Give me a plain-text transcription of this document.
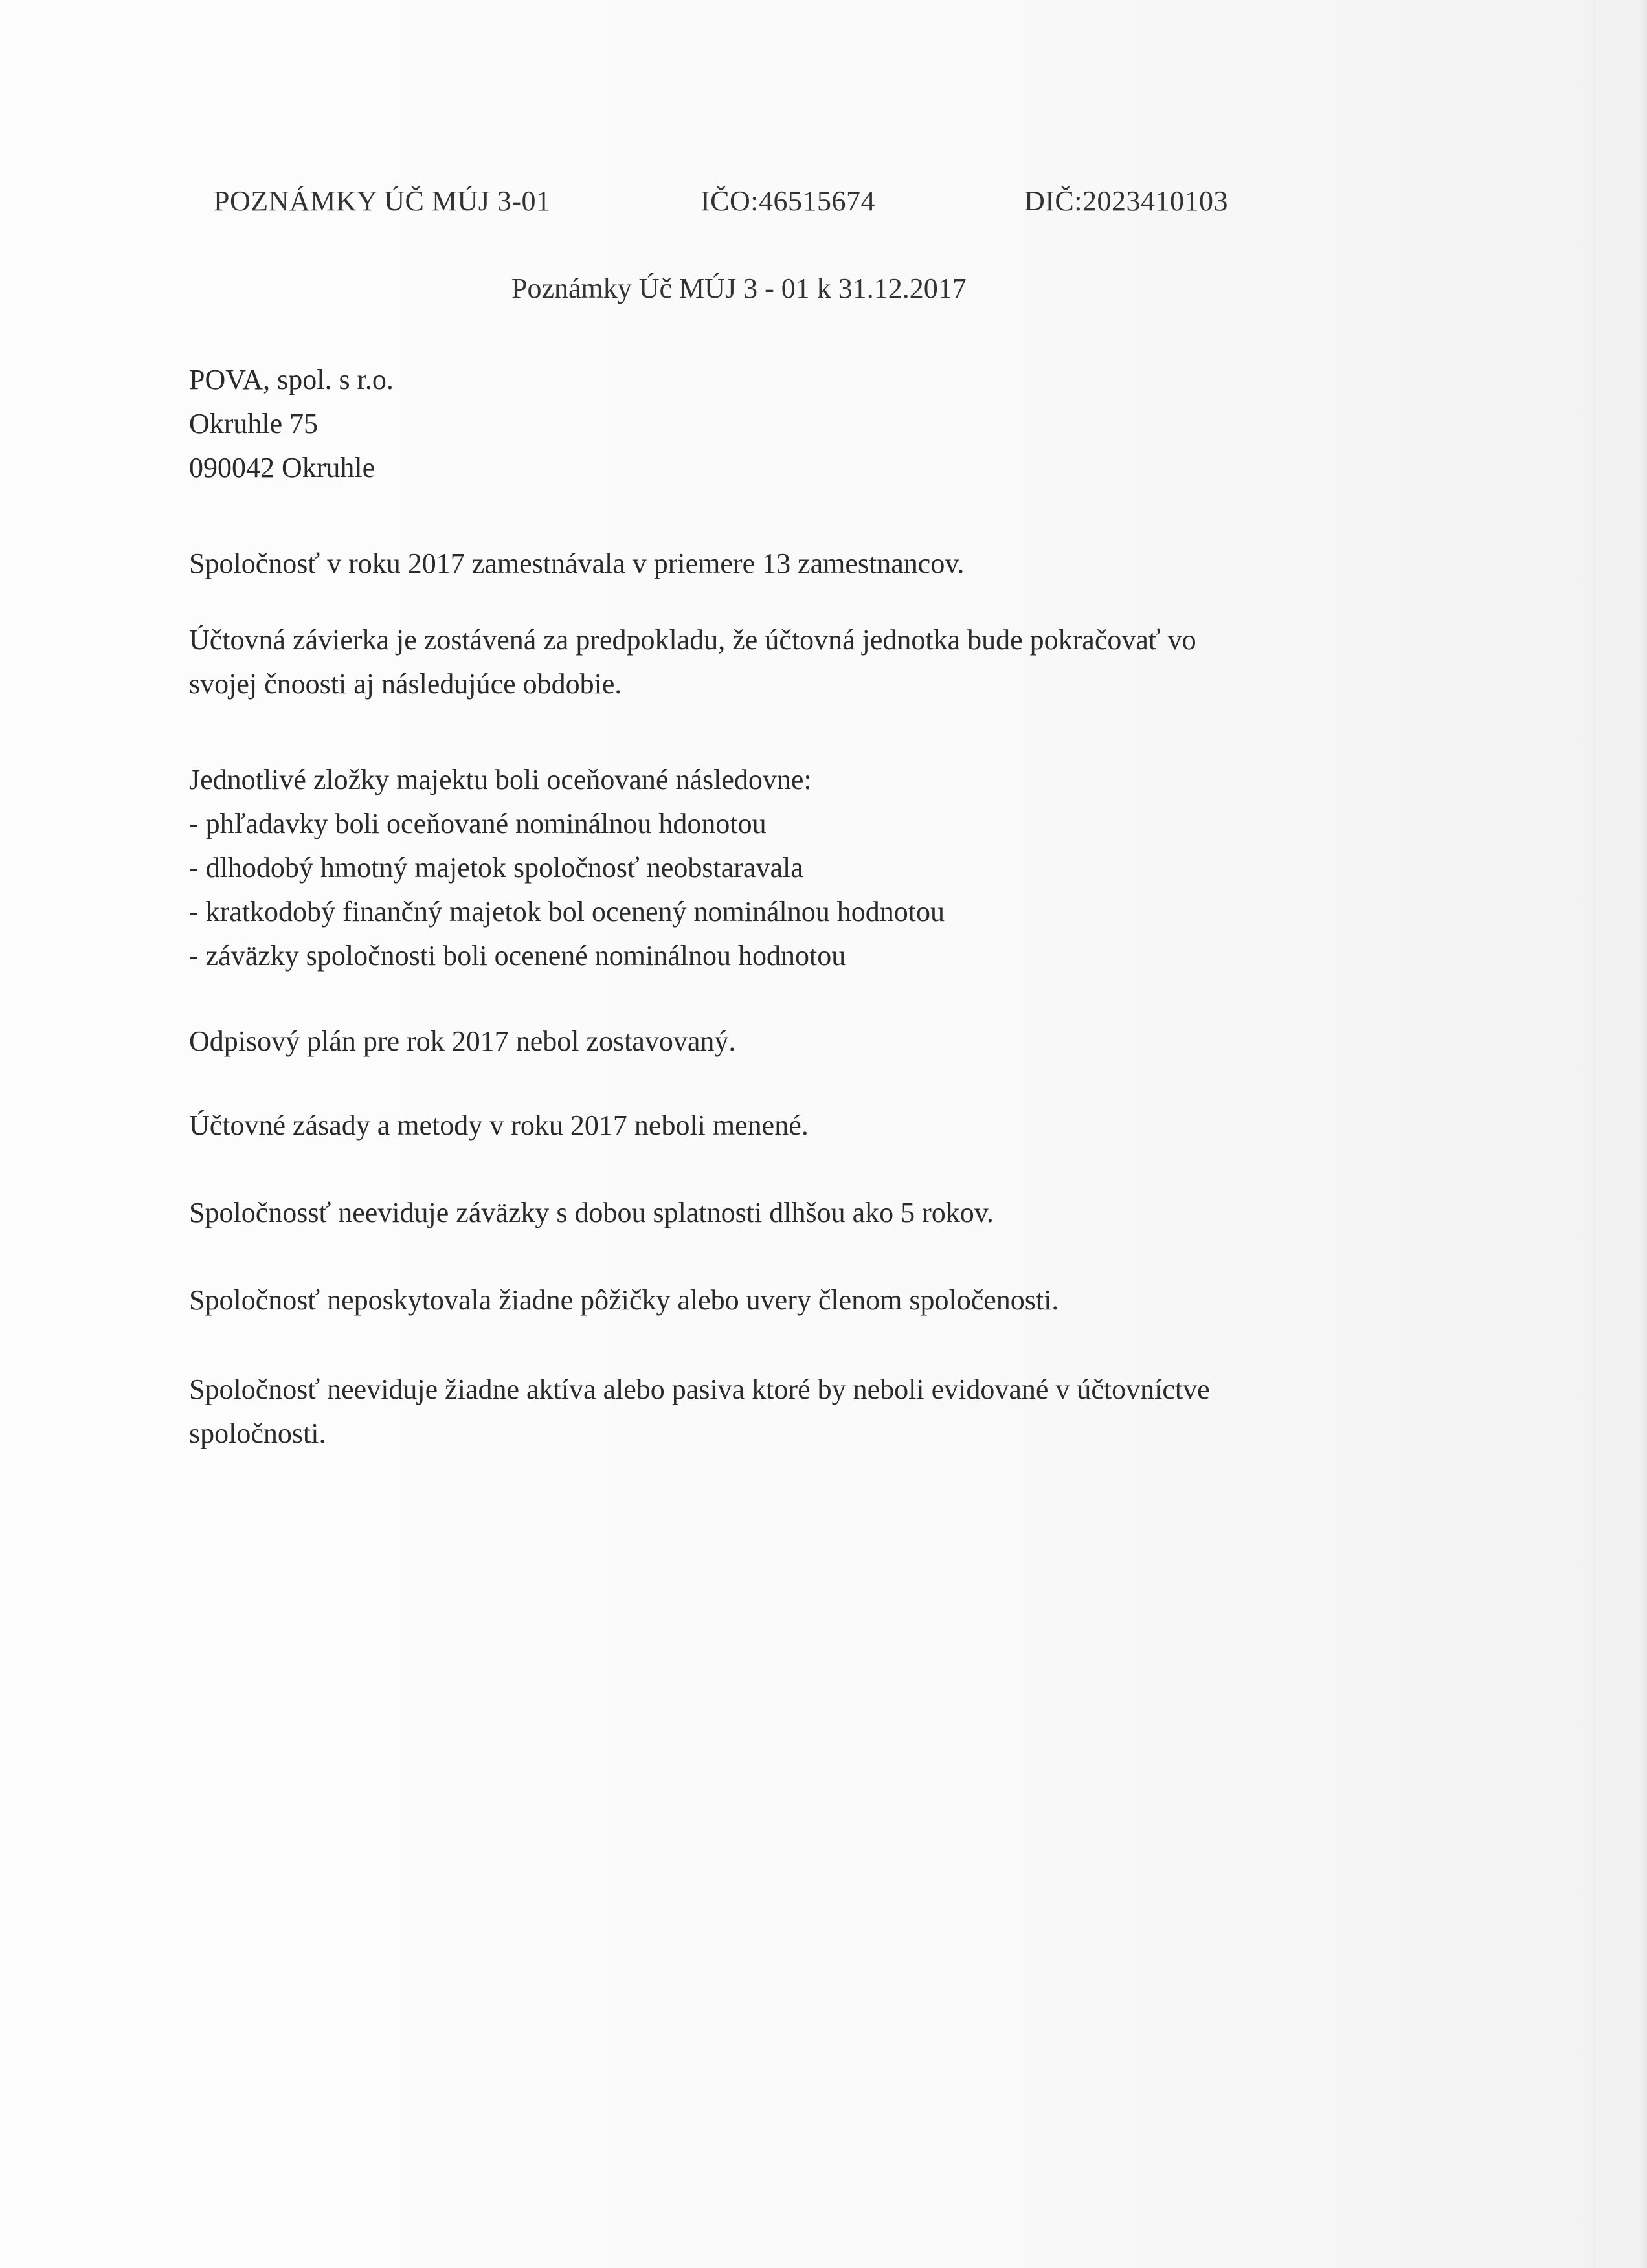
POZNÁMKY ÚČ MÚJ 3-01	IČO:46515674	DIČ:2023410103
Poznámky Úč MÚJ 3 - 01 k 31.12.2017

POVA, spol. s r.o.

Okruhle 75

090042 Okruhle

Spoločnosť v roku 2017 zamestnávala v priemere 13 zamestnancov.

Účtovná závierka je zostávená za predpokladu, že účtovná jednotka bude pokračovať vo

svojej čnoosti aj následujúce obdobie.

Jednotlivé zložky majektu boli oceňované následovne:

- phľadavky boli oceňované nominálnou hdonotou

- dlhodobý hmotný majetok spoločnosť neobstaravala

- kratkodobý finančný majetok bol ocenený nominálnou hodnotou

- záväzky spoločnosti boli ocenené nominálnou hodnotou

Odpisový plán pre rok 2017 nebol zostavovaný.

Účtovné zásady a metody v roku 2017 neboli menené.

Spoločnossť neeviduje záväzky s dobou splatnosti dlhšou ako 5 rokov.

Spoločnosť neposkytovala žiadne pôžičky alebo uvery členom spoločenosti.

Spoločnosť neeviduje žiadne aktíva alebo pasiva ktoré by neboli evidované v účtovníctve

spoločnosti.
